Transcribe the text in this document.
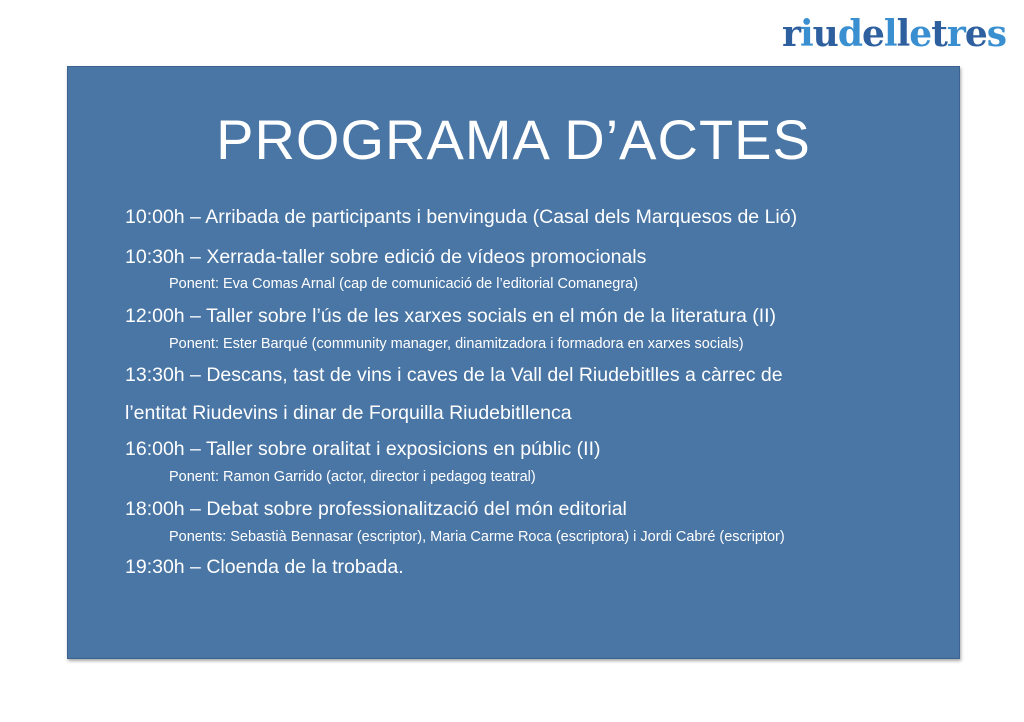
r i u d e l l e t r e s
PROGRAMA D’ACTES
10:00h – Arribada de participants i benvinguda (Casal dels Marquesos de Lió)
10:30h – Xerrada-taller sobre edició de vídeos promocionals
Ponent: Eva Comas Arnal (cap de comunicació de l’editorial Comanegra)
12:00h – Taller sobre l’ús de les xarxes socials en el món de la literatura (II)
Ponent: Ester Barqué (community manager, dinamitzadora i formadora en xarxes socials)
13:30h – Descans, tast de vins i caves de la Vall del Riudebitlles a càrrec de
l’entitat Riudevins i dinar de Forquilla Riudebitllenca
16:00h – Taller sobre oralitat i exposicions en públic (II)
Ponent: Ramon Garrido (actor, director i pedagog teatral)
18:00h – Debat sobre professionalització del món editorial
Ponents: Sebastià Bennasar (escriptor), Maria Carme Roca (escriptora) i Jordi Cabré (escriptor)
19:30h – Cloenda de la trobada.
